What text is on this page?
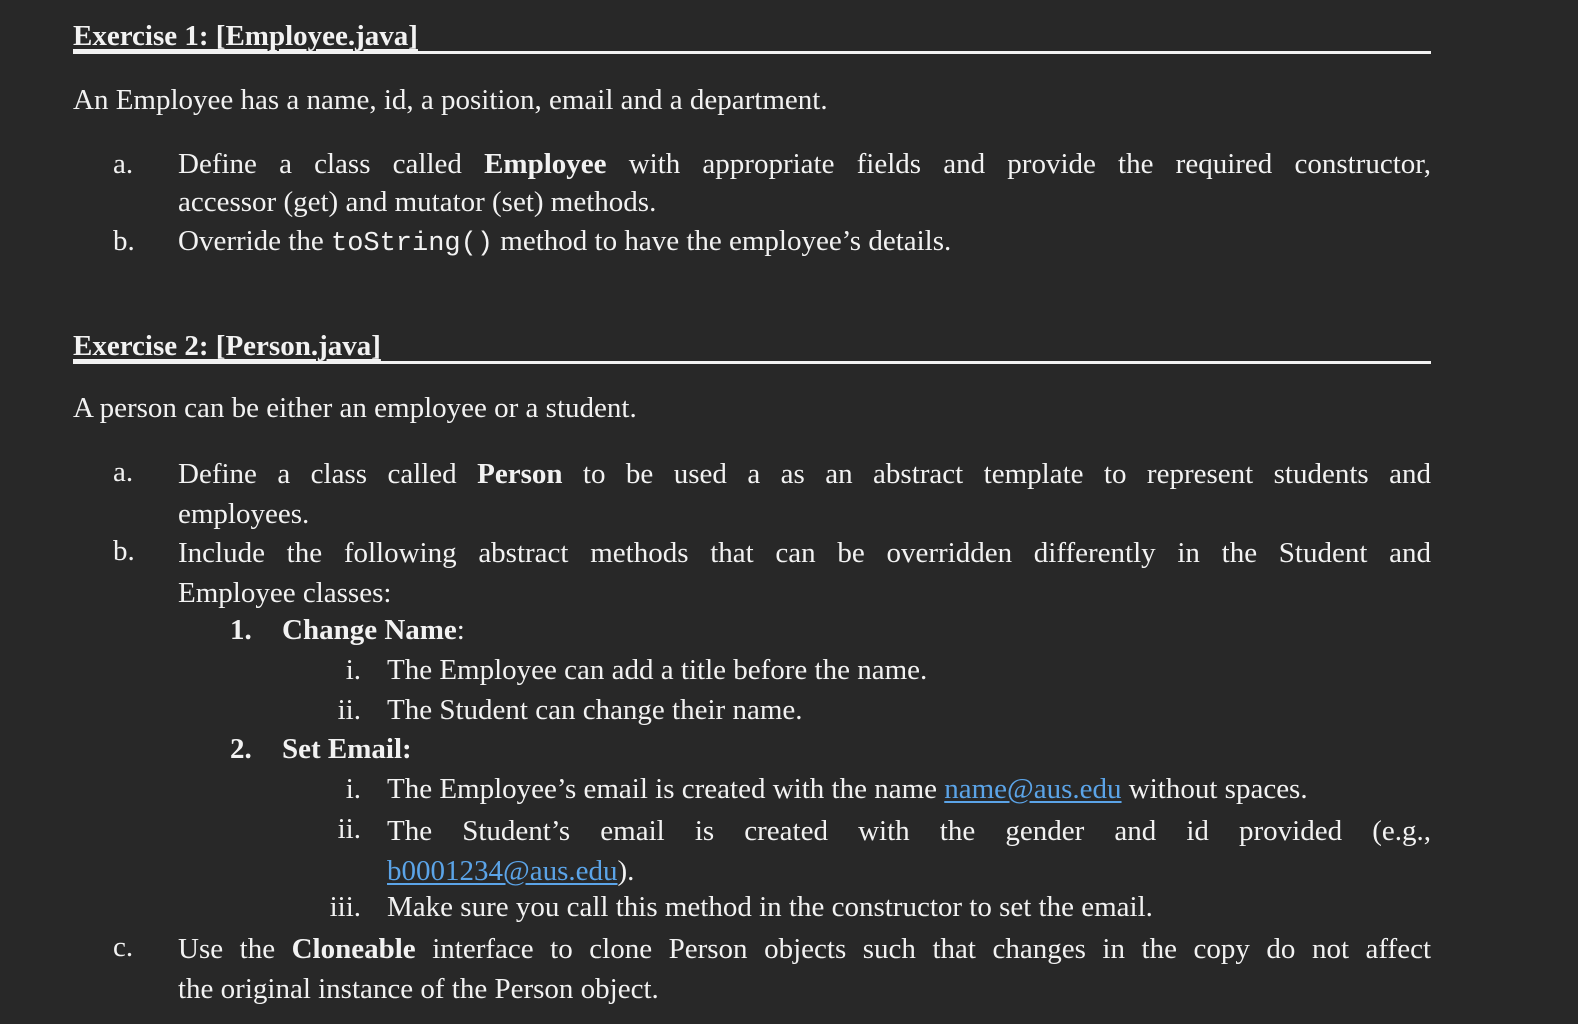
Exercise 1: [Employee.java]
An Employee has a name, id, a position, email and a department.
a.	Define a class called Employee with appropriate fields and provide the required constructor,
accessor (get) and mutator (set) methods.
b.	Override the toString() method to have the employee’s details.
Exercise 2: [Person.java]
A person can be either an employee or a student.
a.	Define a class called Person to be used a as an abstract template to represent students and
employees.
b.	Include the following abstract methods that can be overridden differently in the Student and
Employee classes:
1. Change Name:
i. The Employee can add a title before the name.
ii. The Student can change their name.
2. Set Email:
i. The Employee’s email is created with the name name@aus.edu without spaces.
ii. The Student’s email is created with the gender and id provided (e.g.,
b0001234@aus.edu).
iii. Make sure you call this method in the constructor to set the email.
c.	Use the Cloneable interface to clone Person objects such that changes in the copy do not affect
the original instance of the Person object.
